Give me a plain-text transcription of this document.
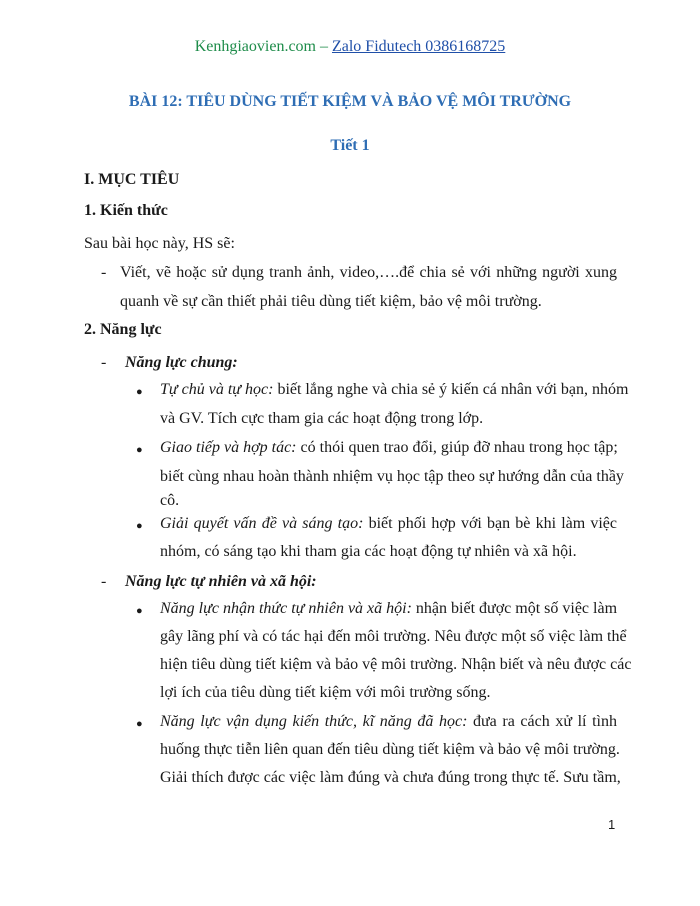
Kenhgiaovien.com – Zalo Fidutech 0386168725
BÀI 12: TIÊU DÙNG TIẾT KIỆM VÀ BẢO VỆ MÔI TRƯỜNG
Tiết 1
I. MỤC TIÊU
1. Kiến thức
Sau bài học này, HS sẽ:
- Viết, vẽ hoặc sử dụng tranh ảnh, video,….để chia sẻ với những người xung
quanh về sự cần thiết phải tiêu dùng tiết kiệm, bảo vệ môi trường.
2. Năng lực
- Năng lực chung:
● Tự chủ và tự học: biết lắng nghe và chia sẻ ý kiến cá nhân với bạn, nhóm
và GV. Tích cực tham gia các hoạt động trong lớp.
● Giao tiếp và hợp tác: có thói quen trao đổi, giúp đỡ nhau trong học tập;
biết cùng nhau hoàn thành nhiệm vụ học tập theo sự hướng dẫn của thầy
cô.
● Giải quyết vấn đề và sáng tạo: biết phối hợp với bạn bè khi làm việc
nhóm, có sáng tạo khi tham gia các hoạt động tự nhiên và xã hội.
- Năng lực tự nhiên và xã hội:
● Năng lực nhận thức tự nhiên và xã hội: nhận biết được một số việc làm
gây lãng phí và có tác hại đến môi trường. Nêu được một số việc làm thể
hiện tiêu dùng tiết kiệm và bảo vệ môi trường. Nhận biết và nêu được các
lợi ích của tiêu dùng tiết kiệm với môi trường sống.
● Năng lực vận dụng kiến thức, kĩ năng đã học: đưa ra cách xử lí tình
huống thực tiễn liên quan đến tiêu dùng tiết kiệm và bảo vệ môi trường.
Giải thích được các việc làm đúng và chưa đúng trong thực tế. Sưu tầm,
1
